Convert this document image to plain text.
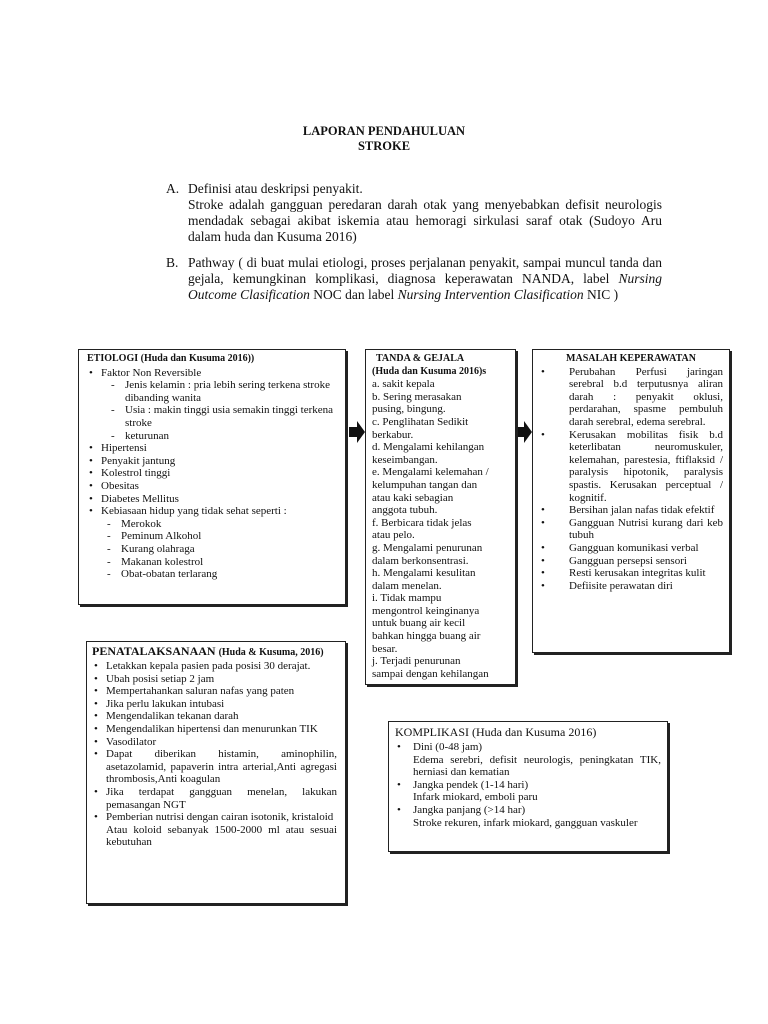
LAPORAN PENDAHULUAN
STROKE
A. Definisi atau deskripsi penyakit.
Stroke adalah gangguan peredaran darah otak yang menyebabkan defisit neurologis mendadak sebagai akibat iskemia atau hemoragi sirkulasi saraf otak (Sudoyo Aru dalam huda dan Kusuma 2016)
B. Pathway ( di buat mulai etiologi, proses perjalanan penyakit, sampai muncul tanda dan gejala, kemungkinan komplikasi, diagnosa keperawatan NANDA, label Nursing Outcome Clasification NOC dan label Nursing Intervention Clasification NIC )
ETIOLOGI (Huda dan Kusuma 2016))
• Faktor Non Reversible
- Jenis kelamin : pria lebih sering terkena stroke dibanding wanita
- Usia : makin tinggi usia semakin tinggi terkena stroke
- keturunan
• Hipertensi
• Penyakit jantung
• Kolestrol tinggi
• Obesitas
• Diabetes Mellitus
• Kebiasaan hidup yang tidak sehat seperti :
- Merokok
- Peminum Alkohol
- Kurang olahraga
- Makanan kolestrol
- Obat-obatan terlarang
TANDA & GEJALA
(Huda dan Kusuma 2016)s
a. sakit kepala
b. Sering merasakan
pusing, bingung.
c. Penglihatan Sedikit
berkabur.
d. Mengalami kehilangan
keseimbangan.
e. Mengalami kelemahan /
kelumpuhan tangan dan
atau kaki sebagian
anggota tubuh.
f. Berbicara tidak jelas
atau pelo.
g. Mengalami penurunan
dalam berkonsentrasi.
h. Mengalami kesulitan
dalam menelan.
i. Tidak mampu
mengontrol keinginanya
untuk buang air kecil
bahkan hingga buang air
besar.
j. Terjadi penurunan
sampai dengan kehilangan
MASALAH KEPERAWATAN
• Perubahan Perfusi jaringan serebral b.d terputusnya aliran darah : penyakit oklusi, perdarahan, spasme pembuluh darah serebral, edema serebral.
• Kerusakan mobilitas fisik b.d keterlibatan neuromuskuler, kelemahan, parestesia, ftiflaksid / paralysis hipotonik, paralysis spastis. Kerusakan perceptual / kognitif.
• Bersihan jalan nafas tidak efektif
• Gangguan Nutrisi kurang dari keb tubuh
• Gangguan komunikasi verbal
• Gangguan persepsi sensori
• Resti kerusakan integritas kulit
• Defiisite perawatan diri
PENATALAKSANAAN (Huda & Kusuma, 2016)
• Letakkan kepala pasien pada posisi 30 derajat.
• Ubah posisi setiap 2 jam
• Mempertahankan saluran nafas yang paten
• Jika perlu lakukan intubasi
• Mengendalikan tekanan darah
• Mengendalikan hipertensi dan menurunkan TIK
• Vasodilator
• Dapat diberikan histamin, aminophilin, asetazolamid, papaverin intra arterial,Anti agregasi thrombosis,Anti koagulan
• Jika terdapat gangguan menelan, lakukan pemasangan NGT
• Pemberian nutrisi dengan cairan isotonik, kristaloid
Atau koloid sebanyak 1500-2000 ml atau sesuai kebutuhan
KOMPLIKASI (Huda dan Kusuma 2016)
• Dini (0-48 jam)
Edema serebri, defisit neurologis, peningkatan TIK, herniasi dan kematian
• Jangka pendek (1-14 hari)
Infark miokard, emboli paru
• Jangka panjang (>14 har)
Stroke rekuren, infark miokard, gangguan vaskuler
